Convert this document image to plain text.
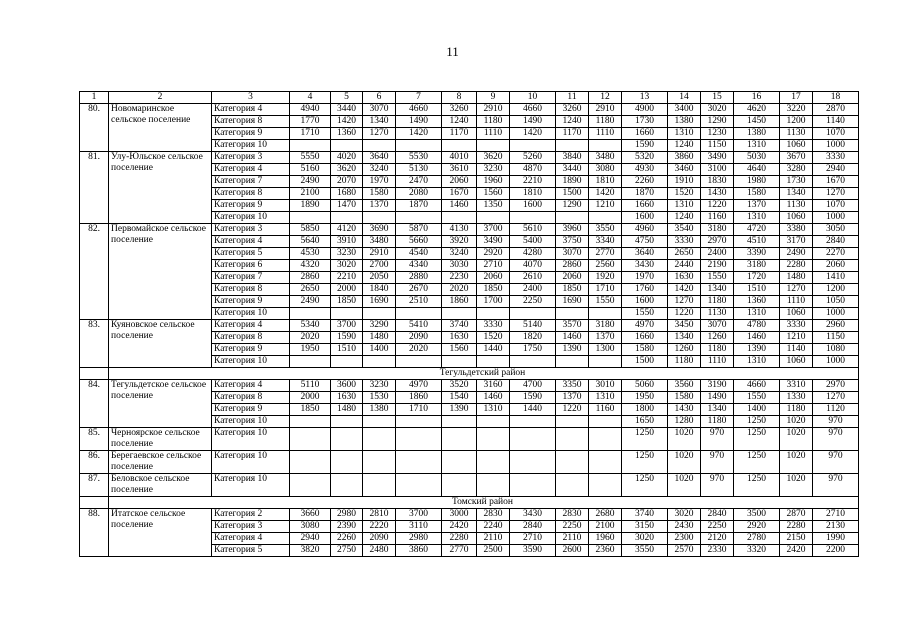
11
1	2	3	4	5	6	7	8	9	10	11	12	13	14	15	16	17	18
80.	Новомаринское сельское поселение	Категория 4	4940	3440	3070	4660	3260	2910	4660	3260	2910	4900	3400	3020	4620	3220	2870
		Категория 8	1770	1420	1340	1490	1240	1180	1490	1240	1180	1730	1380	1290	1450	1200	1140
		Категория 9	1710	1360	1270	1420	1170	1110	1420	1170	1110	1660	1310	1230	1380	1130	1070
		Категория 10										1590	1240	1150	1310	1060	1000
81.	Улу-Юльское сельское поселение	Категория 3	5550	4020	3640	5530	4010	3620	5260	3840	3480	5320	3860	3490	5030	3670	3330
		Категория 4	5160	3620	3240	5130	3610	3230	4870	3440	3080	4930	3460	3100	4640	3280	2940
		Категория 7	2490	2070	1970	2470	2060	1960	2210	1890	1810	2260	1910	1830	1980	1730	1670
		Категория 8	2100	1680	1580	2080	1670	1560	1810	1500	1420	1870	1520	1430	1580	1340	1270
		Категория 9	1890	1470	1370	1870	1460	1350	1600	1290	1210	1660	1310	1220	1370	1130	1070
		Категория 10										1600	1240	1160	1310	1060	1000
82.	Первомайское сельское поселение	Категория 3	5850	4120	3690	5870	4130	3700	5610	3960	3550	4960	3540	3180	4720	3380	3050
		Категория 4	5640	3910	3480	5660	3920	3490	5400	3750	3340	4750	3330	2970	4510	3170	2840
		Категория 5	4530	3230	2910	4540	3240	2920	4280	3070	2770	3640	2650	2400	3390	2490	2270
		Категория 6	4320	3020	2700	4340	3030	2710	4070	2860	2560	3430	2440	2190	3180	2280	2060
		Категория 7	2860	2210	2050	2880	2230	2060	2610	2060	1920	1970	1630	1550	1720	1480	1410
		Категория 8	2650	2000	1840	2670	2020	1850	2400	1850	1710	1760	1420	1340	1510	1270	1200
		Категория 9	2490	1850	1690	2510	1860	1700	2250	1690	1550	1600	1270	1180	1360	1110	1050
		Категория 10										1550	1220	1130	1310	1060	1000
83.	Куяновское сельское поселение	Категория 4	5340	3700	3290	5410	3740	3330	5140	3570	3180	4970	3450	3070	4780	3330	2960
		Категория 8	2020	1590	1480	2090	1630	1520	1820	1460	1370	1660	1340	1260	1460	1210	1150
		Категория 9	1950	1510	1400	2020	1560	1440	1750	1390	1300	1580	1260	1180	1390	1140	1080
		Категория 10										1500	1180	1110	1310	1060	1000
	Тегульдетский район																
84.	Тегульдетское сельское поселение	Категория 4	5110	3600	3230	4970	3520	3160	4700	3350	3010	5060	3560	3190	4660	3310	2970
		Категория 8	2000	1630	1530	1860	1540	1460	1590	1370	1310	1950	1580	1490	1550	1330	1270
		Категория 9	1850	1480	1380	1710	1390	1310	1440	1220	1160	1800	1430	1340	1400	1180	1120
		Категория 10										1650	1280	1180	1250	1020	970
85.	Черноярское сельское поселение	Категория 10										1250	1020	970	1250	1020	970
86.	Берегаевское сельское поселение	Категория 10										1250	1020	970	1250	1020	970
87.	Беловское сельское поселение	Категория 10										1250	1020	970	1250	1020	970
	Томский район																
88.	Итатское сельское поселение	Категория 2	3660	2980	2810	3700	3000	2830	3430	2830	2680	3740	3020	2840	3500	2870	2710
		Категория 3	3080	2390	2220	3110	2420	2240	2840	2250	2100	3150	2430	2250	2920	2280	2130
		Категория 4	2940	2260	2090	2980	2280	2110	2710	2110	1960	3020	2300	2120	2780	2150	1990
		Категория 5	3820	2750	2480	3860	2770	2500	3590	2600	2360	3550	2570	2330	3320	2420	2200
